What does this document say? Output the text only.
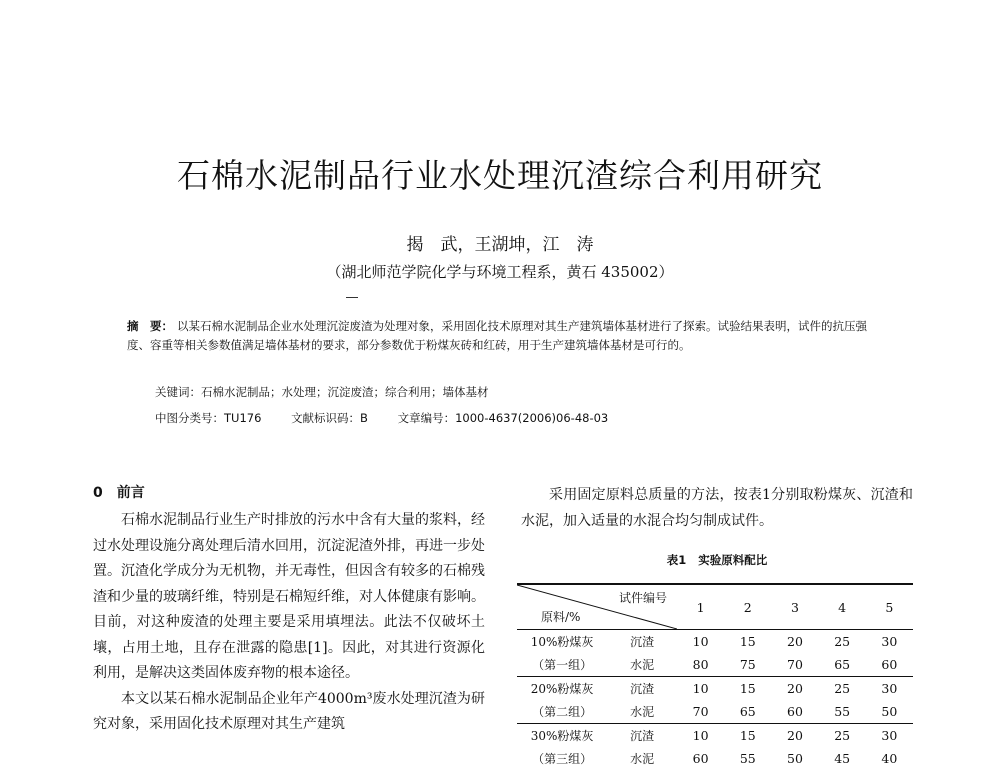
石棉水泥制品行业水处理沉渣综合利用研究
揭　武，王湖坤，江　涛
（湖北师范学院化学与环境工程系，黄石 435002）
摘　要： 以某石棉水泥制品企业水处理沉淀废渣为处理对象，采用固化技术原理对其生产建筑墙体基材进行了探索。试验结果表明，试件的抗压强度、容重等相关参数值满足墙体基材的要求，部分参数优于粉煤灰砖和红砖，用于生产建筑墙体基材是可行的。
关键词：石棉水泥制品；水处理；沉淀废渣；综合利用；墙体基材
中图分类号：TU176	文献标识码：B	文章编号：1000-4637(2006)06-48-03
0　前言

石棉水泥制品行业生产时排放的污水中含有大量的浆料，经过水处理设施分离处理后清水回用，沉淀泥渣外排，再进一步处置。沉渣化学成分为无机物，并无毒性，但因含有较多的石棉残渣和少量的玻璃纤维，特别是石棉短纤维，对人体健康有影响。目前，对这种废渣的处理主要是采用填埋法。此法不仅破坏土壤，占用土地，且存在泄露的隐患[1]。因此，对其进行资源化利用，是解决这类固体废弃物的根本途径。

本文以某石棉水泥制品企业年产4000m³废水处理沉渣为研究对象，采用固化技术原理对其生产建筑

采用固定原料总质量的方法，按表1分别取粉煤灰、沉渣和水泥，加入适量的水混合均匀制成试件。

表1 实验原料配比
试件编号
原料/%		1	2	3	4	5
10%粉煤灰	沉渣	10	15	20	25	30
（第一组）	水泥	80	75	70	65	60
20%粉煤灰	沉渣	10	15	20	25	30
（第二组）	水泥	70	65	60	55	50
30%粉煤灰	沉渣	10	15	20	25	30
（第三组）	水泥	60	55	50	45	40
